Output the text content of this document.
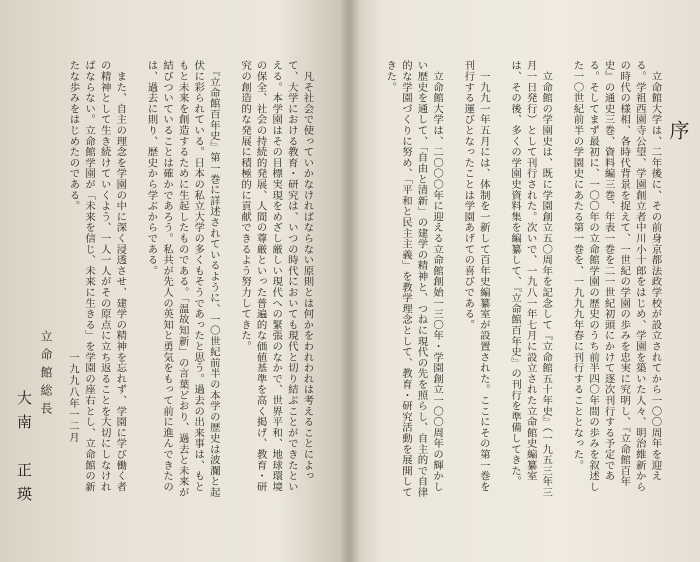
序

　立命館大学は、二年後に、その前身京都法政学校が設立されてから一〇〇周年を迎える。学祖西園寺公望、学園創立者中川小十郎をはじめ、学園を築いた人々、明治維新からの時代の様相、各時代背景を捉えて、一世紀の学園の歩みを忠実に究明し、『立命館百年史』の通史三巻、資料編三巻、年表一巻を二一世紀初頭にかけて逐次刊行する予定である。そしてまず最初に、一〇〇年の立命館学園の歴史のうち前半四〇年間の歩みを叙述した一〇世紀前半の学園史にあたる第一巻を、一九九九年春に刊行することとなった。

　立命館の学園史は、既に学園創立五〇周年を記念して『立命館五十年史』（一九五三年三月一日発行）として刊行された。次いで、一九八一年七月に設立された立命館史編纂室は、その後、多くの学園史資料集を編纂して、『立命館百年史』の刊行を準備してきた。

　一九九一年五月には、体制を一新して百年史編纂室が設置された。ここにその第一巻を刊行する運びとなったことは学園あげての喜びである。

　立命館大学は、二〇〇〇年に迎える立命館創始一三〇年・学園創立一〇〇周年の輝かしい歴史を通して、「自由と清新」の建学の精神と、つねに現代の先を照らし、自主的で自律的な学園づくりに努め、「平和と民主主義」を教学理念として、教育・研究活動を展開してきた。

　凡そ社会で使っていかなければならない原則とは何かをわれわれは考えることによって、大学における教育・研究は、いつの時代においても現代と切り結ぶことができたといえる。本学園はその目標実現をめざし厳しい現代への緊張のなかで、世界平和、地球環境の保全、社会の持続的発展、人間の尊厳といった普遍的な価値基準を高く掲げ、教育・研究の創造的な発展に積極的に貢献できるよう努力してきた。

　『立命館百年史』第一巻に詳述されているように、一〇世紀前半の本学の歴史は波瀾と起伏に彩られている。日本の私立大学の多くもそうであったと思う。過去の出来事は、もともと未来を創造するために生起したものである。「温故知新」の言葉どおり、過去と未来が結びついていることは確かであろう。私共が先人の英知と勇気をもって前に進んできたのは、過去に則り、歴史から学ぶからである。

　また、自主の理念を学園の中に深く浸透させ、建学の精神を忘れず、学園に学び働く者の精神として生き続けていくよう、一人一人がその原点に立ち返ることを大切にしなければならない。立命館学園が「未来を信じ、未来に生きる」を学園の座右とし、立命館の新たな歩みをはじめたのである。

一九九八年一二月
立命館総長
大南　正瑛
